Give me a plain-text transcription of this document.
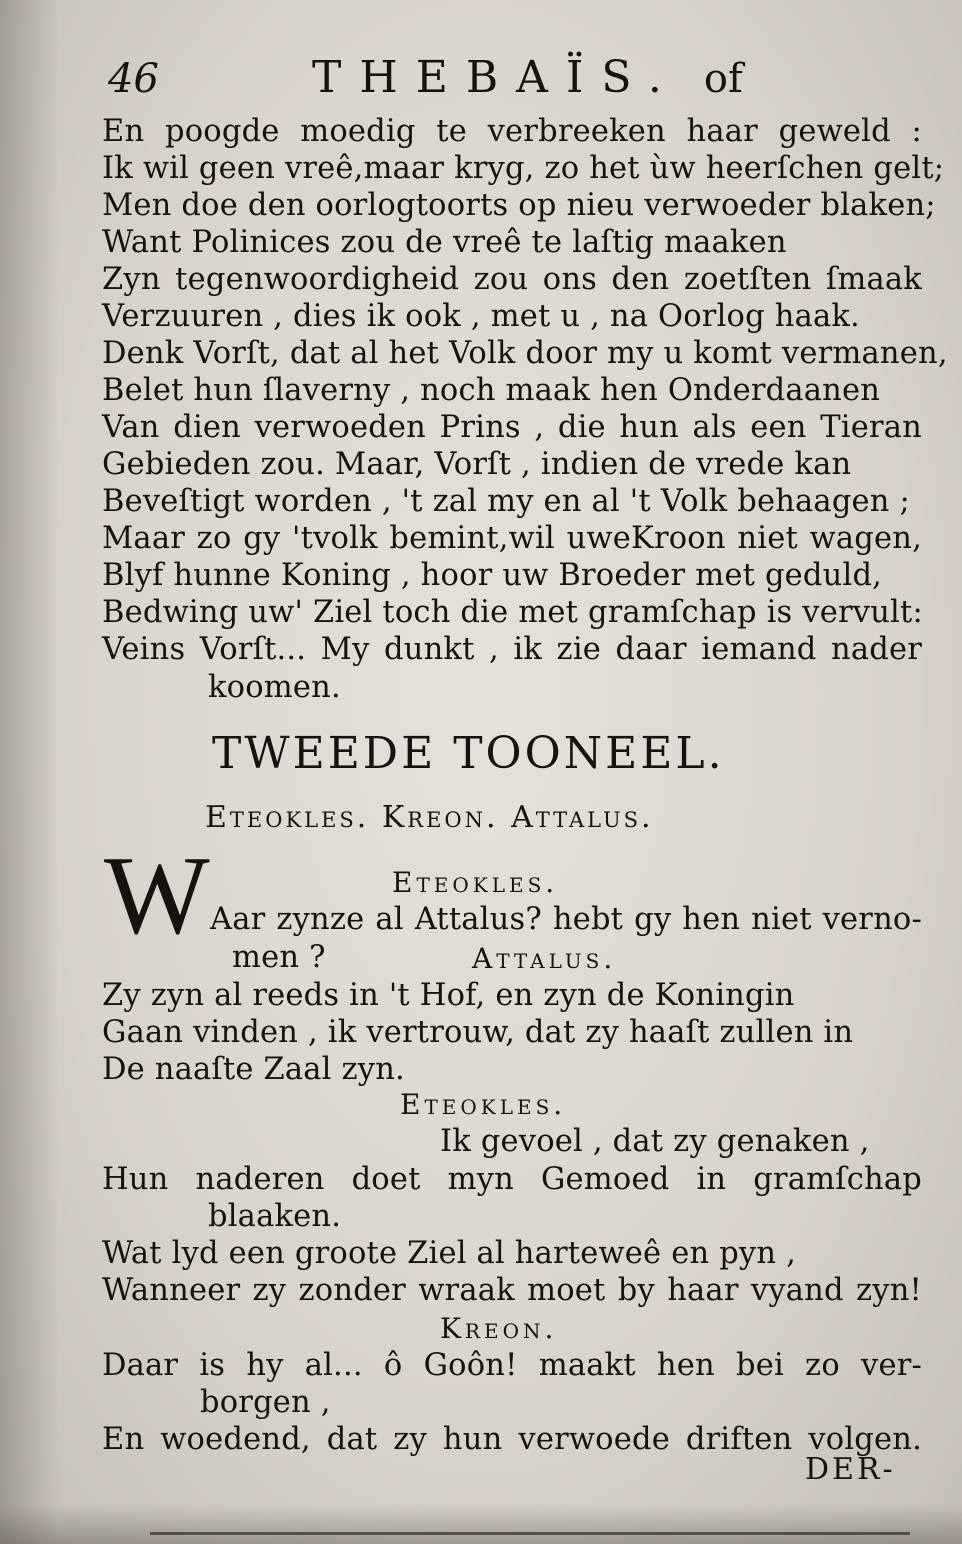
46	THEBAÏS. of
En poogde moedig te verbreeken haar geweld :
Ik wil geen vreê,maar kryg, zo het ùw heerſchen gelt;
Men doe den oorlogtoorts op nieu verwoeder blaken;
Want Polinices zou de vreê te laſtig maaken
Zyn tegenwoordigheid zou ons den zoetſten ſmaak
Verzuuren , dies ik ook , met u , na Oorlog haak.
Denk Vorſt, dat al het Volk door my u komt vermanen,
Belet hun ſlaverny , noch maak hen Onderdaanen
Van dien verwoeden Prins , die hun als een Tieran
Gebieden zou. Maar, Vorſt , indien de vrede kan
Beveſtigt worden , 't zal my en al 't Volk behaagen ;
Maar zo gy 'tvolk bemint,wil uweKroon niet wagen,
Blyf hunne Koning , hoor uw Broeder met geduld,
Bedwing uw' Ziel toch die met gramſchap is vervult:
Veins Vorſt... My dunkt , ik zie daar iemand nader
koomen.
TWEEDE TOONEEL.
Eteokles. Kreon. Attalus.
W	Eteokles.
Aar zynze al Attalus? hebt gy hen niet verno-
men ?	Attalus.
Zy zyn al reeds in 't Hof, en zyn de Koningin
Gaan vinden , ik vertrouw, dat zy haaſt zullen in
De naaſte Zaal zyn.
Eteokles.
Ik gevoel , dat zy genaken ,
Hun naderen doet myn Gemoed in gramſchap
blaaken.
Wat lyd een groote Ziel al harteweê en pyn ,
Wanneer zy zonder wraak moet by haar vyand zyn!
Kreon.
Daar is hy al... ô Goôn! maakt hen bei zo ver-
borgen ,
En woedend, dat zy hun verwoede driften volgen.
DER-
